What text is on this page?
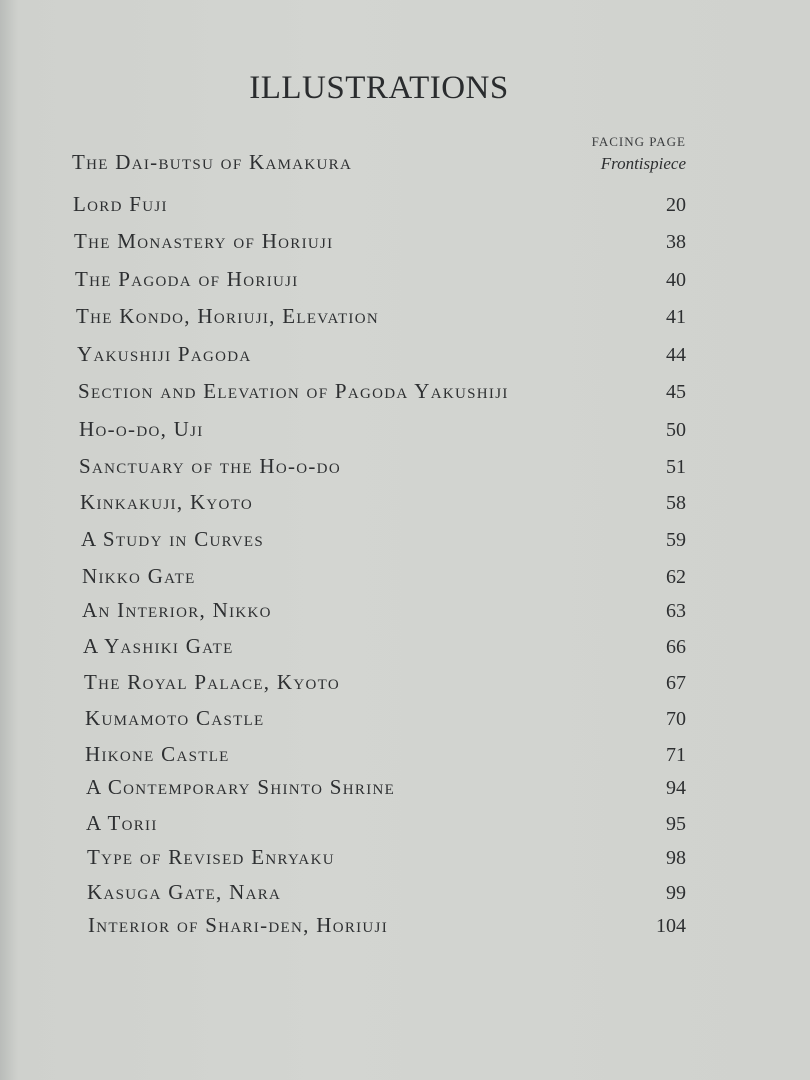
ILLUSTRATIONS
FACING PAGE
The Dai-butsu of Kamakura	Frontispiece
Lord Fuji	20
The Monastery of Horiuji	38
The Pagoda of Horiuji	40
The Kondo, Horiuji, Elevation	41
Yakushiji Pagoda	44
Section and Elevation of Pagoda Yakushiji	45
Ho-o-do, Uji	50
Sanctuary of the Ho-o-do	51
Kinkakuji, Kyoto	58
A Study in Curves	59
Nikko Gate	62
An Interior, Nikko	63
A Yashiki Gate	66
The Royal Palace, Kyoto	67
Kumamoto Castle	70
Hikone Castle	71
A Contemporary Shinto Shrine	94
A Torii	95
Type of Revised Enryaku	98
Kasuga Gate, Nara	99
Interior of Shari-den, Horiuji	104
